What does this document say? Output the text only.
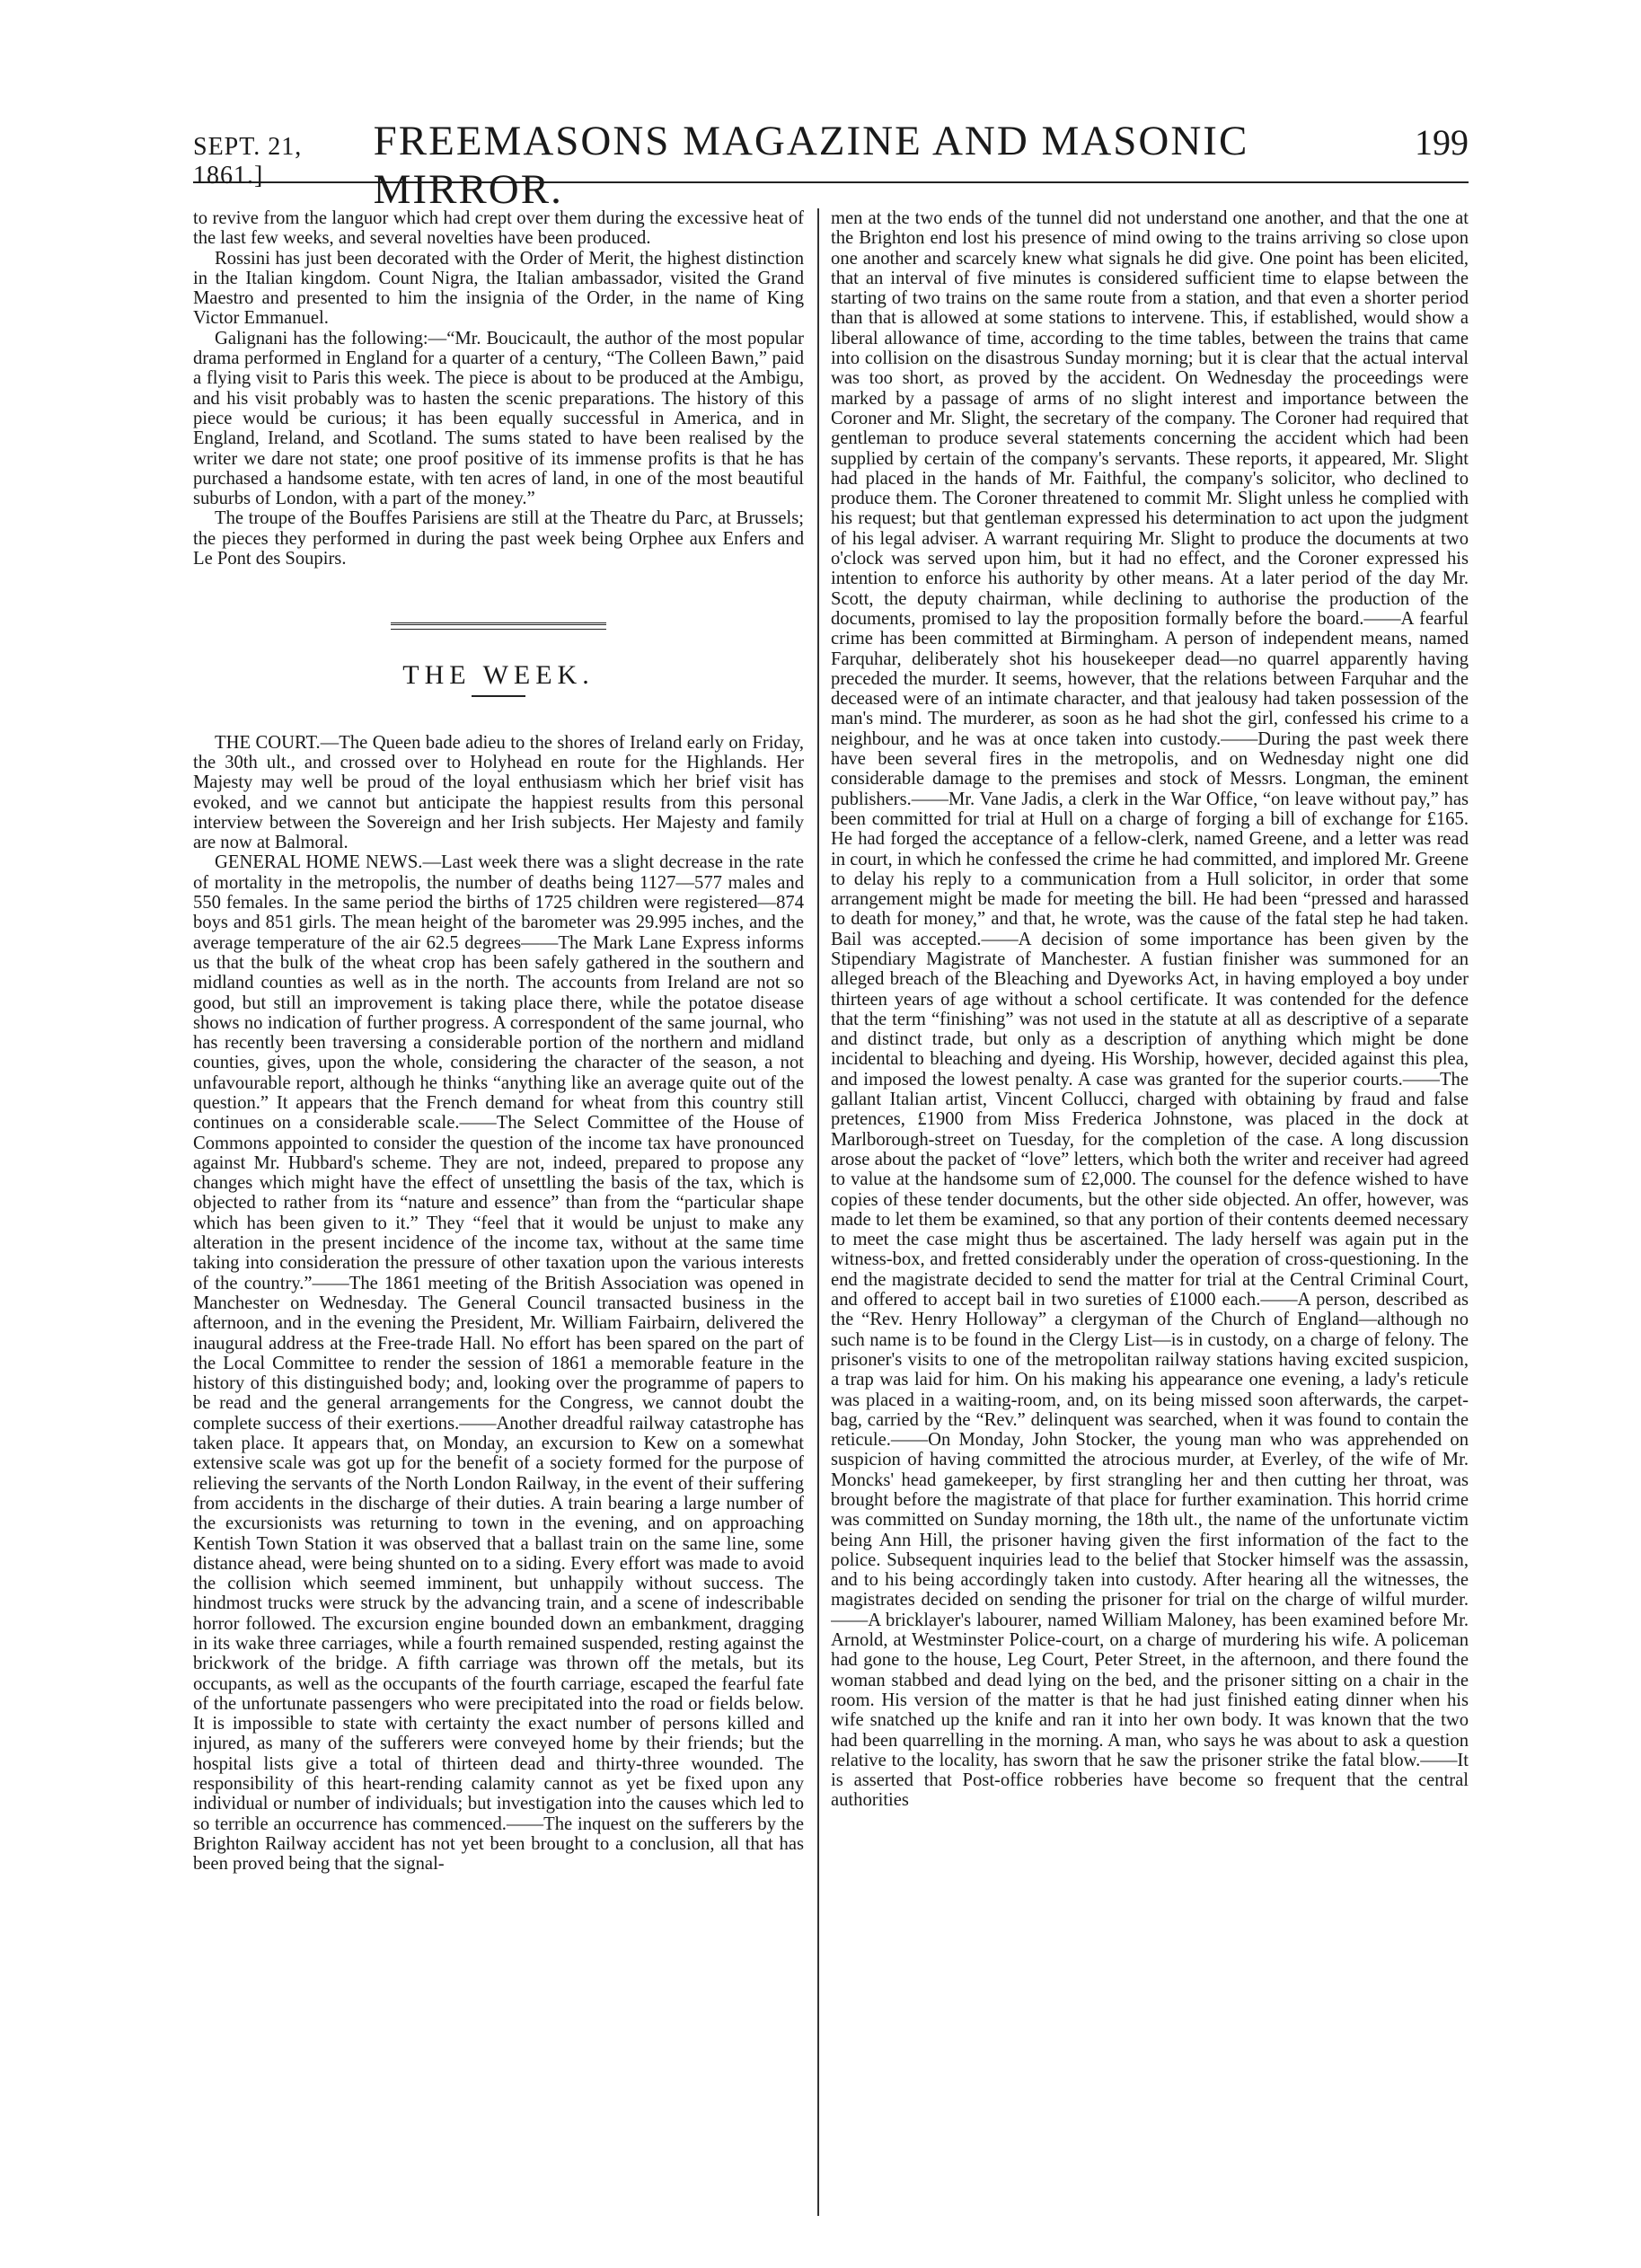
SEPT. 21, 1861.]
FREEMASONS MAGAZINE AND MASONIC MIRROR.
199

to revive from the languor which had crept over them during the excessive heat of the last few weeks, and several novelties have been produced.

Rossini has just been decorated with the Order of Merit, the highest distinction in the Italian kingdom. Count Nigra, the Italian ambassador, visited the Grand Maestro and presented to him the insignia of the Order, in the name of King Victor Emmanuel.

Galignani has the following:—“Mr. Boucicault, the author of the most popular drama performed in England for a quarter of a century, “The Colleen Bawn,” paid a flying visit to Paris this week. The piece is about to be produced at the Ambigu, and his visit probably was to hasten the scenic preparations. The history of this piece would be curious; it has been equally successful in America, and in England, Ireland, and Scotland. The sums stated to have been realised by the writer we dare not state; one proof positive of its immense profits is that he has purchased a handsome estate, with ten acres of land, in one of the most beautiful suburbs of London, with a part of the money.”

The troupe of the Bouffes Parisiens are still at the Theatre du Parc, at Brussels; the pieces they performed in during the past week being Orphee aux Enfers and Le Pont des Soupirs.

THE WEEK.

THE COURT.—The Queen bade adieu to the shores of Ireland early on Friday, the 30th ult., and crossed over to Holyhead en route for the Highlands. Her Majesty may well be proud of the loyal enthusiasm which her brief visit has evoked, and we cannot but anticipate the happiest results from this personal interview between the Sovereign and her Irish subjects. Her Majesty and family are now at Balmoral.

GENERAL HOME NEWS.—Last week there was a slight decrease in the rate of mortality in the metropolis, the number of deaths being 1127—577 males and 550 females. In the same period the births of 1725 children were registered—874 boys and 851 girls. The mean height of the barometer was 29.995 inches, and the average temperature of the air 62.5 degrees——The Mark Lane Express informs us that the bulk of the wheat crop has been safely gathered in the southern and midland counties as well as in the north. The accounts from Ireland are not so good, but still an improvement is taking place there, while the potatoe disease shows no indication of further progress. A correspondent of the same journal, who has recently been traversing a considerable portion of the northern and midland counties, gives, upon the whole, considering the character of the season, a not unfavourable report, although he thinks “anything like an average quite out of the question.” It appears that the French demand for wheat from this country still continues on a considerable scale.——The Select Committee of the House of Commons appointed to consider the question of the income tax have pronounced against Mr. Hubbard's scheme. They are not, indeed, prepared to propose any changes which might have the effect of unsettling the basis of the tax, which is objected to rather from its “nature and essence” than from the “particular shape which has been given to it.” They “feel that it would be unjust to make any alteration in the present incidence of the income tax, without at the same time taking into consideration the pressure of other taxation upon the various interests of the country.”——The 1861 meeting of the British Association was opened in Manchester on Wednesday. The General Council transacted business in the afternoon, and in the evening the President, Mr. William Fairbairn, delivered the inaugural address at the Free-trade Hall. No effort has been spared on the part of the Local Committee to render the session of 1861 a memorable feature in the history of this distinguished body; and, looking over the programme of papers to be read and the general arrangements for the Congress, we cannot doubt the complete success of their exertions.——Another dreadful railway catastrophe has taken place. It appears that, on Monday, an excursion to Kew on a somewhat extensive scale was got up for the benefit of a society formed for the purpose of relieving the servants of the North London Railway, in the event of their suffering from accidents in the discharge of their duties. A train bearing a large number of the excursionists was returning to town in the evening, and on approaching Kentish Town Station it was observed that a ballast train on the same line, some distance ahead, were being shunted on to a siding. Every effort was made to avoid the collision which seemed imminent, but unhappily without success. The hindmost trucks were struck by the advancing train, and a scene of indescribable horror followed. The excursion engine bounded down an embankment, dragging in its wake three carriages, while a fourth remained suspended, resting against the brickwork of the bridge. A fifth carriage was thrown off the metals, but its occupants, as well as the occupants of the fourth carriage, escaped the fearful fate of the unfortunate passengers who were precipitated into the road or fields below. It is impossible to state with certainty the exact number of persons killed and injured, as many of the sufferers were conveyed home by their friends; but the hospital lists give a total of thirteen dead and thirty-three wounded. The responsibility of this heart-rending calamity cannot as yet be fixed upon any individual or number of individuals; but investigation into the causes which led to so terrible an occurrence has commenced.——The inquest on the sufferers by the Brighton Railway accident has not yet been brought to a conclusion, all that has been proved being that the signal-

men at the two ends of the tunnel did not understand one another, and that the one at the Brighton end lost his presence of mind owing to the trains arriving so close upon one another and scarcely knew what signals he did give. One point has been elicited, that an interval of five minutes is considered sufficient time to elapse between the starting of two trains on the same route from a station, and that even a shorter period than that is allowed at some stations to intervene. This, if established, would show a liberal allowance of time, according to the time tables, between the trains that came into collision on the disastrous Sunday morning; but it is clear that the actual interval was too short, as proved by the accident. On Wednesday the proceedings were marked by a passage of arms of no slight interest and importance between the Coroner and Mr. Slight, the secretary of the company. The Coroner had required that gentleman to produce several statements concerning the accident which had been supplied by certain of the company's servants. These reports, it appeared, Mr. Slight had placed in the hands of Mr. Faithful, the company's solicitor, who declined to produce them. The Coroner threatened to commit Mr. Slight unless he complied with his request; but that gentleman expressed his determination to act upon the judgment of his legal adviser. A warrant requiring Mr. Slight to produce the documents at two o'clock was served upon him, but it had no effect, and the Coroner expressed his intention to enforce his authority by other means. At a later period of the day Mr. Scott, the deputy chairman, while declining to authorise the production of the documents, promised to lay the proposition formally before the board.——A fearful crime has been committed at Birmingham. A person of independent means, named Farquhar, deliberately shot his housekeeper dead—no quarrel apparently having preceded the murder. It seems, however, that the relations between Farquhar and the deceased were of an intimate character, and that jealousy had taken possession of the man's mind. The murderer, as soon as he had shot the girl, confessed his crime to a neighbour, and he was at once taken into custody.——During the past week there have been several fires in the metropolis, and on Wednesday night one did considerable damage to the premises and stock of Messrs. Longman, the eminent publishers.——Mr. Vane Jadis, a clerk in the War Office, “on leave without pay,” has been committed for trial at Hull on a charge of forging a bill of exchange for £165. He had forged the acceptance of a fellow-clerk, named Greene, and a letter was read in court, in which he confessed the crime he had committed, and implored Mr. Greene to delay his reply to a communication from a Hull solicitor, in order that some arrangement might be made for meeting the bill. He had been “pressed and harassed to death for money,” and that, he wrote, was the cause of the fatal step he had taken. Bail was accepted.——A decision of some importance has been given by the Stipendiary Magistrate of Manchester. A fustian finisher was summoned for an alleged breach of the Bleaching and Dyeworks Act, in having employed a boy under thirteen years of age without a school certificate. It was contended for the defence that the term “finishing” was not used in the statute at all as descriptive of a separate and distinct trade, but only as a description of anything which might be done incidental to bleaching and dyeing. His Worship, however, decided against this plea, and imposed the lowest penalty. A case was granted for the superior courts.——The gallant Italian artist, Vincent Collucci, charged with obtaining by fraud and false pretences, £1900 from Miss Frederica Johnstone, was placed in the dock at Marlborough-street on Tuesday, for the completion of the case. A long discussion arose about the packet of “love” letters, which both the writer and receiver had agreed to value at the handsome sum of £2,000. The counsel for the defence wished to have copies of these tender documents, but the other side objected. An offer, however, was made to let them be examined, so that any portion of their contents deemed necessary to meet the case might thus be ascertained. The lady herself was again put in the witness-box, and fretted considerably under the operation of cross-questioning. In the end the magistrate decided to send the matter for trial at the Central Criminal Court, and offered to accept bail in two sureties of £1000 each.——A person, described as the “Rev. Henry Holloway” a clergyman of the Church of England—although no such name is to be found in the Clergy List—is in custody, on a charge of felony. The prisoner's visits to one of the metropolitan railway stations having excited suspicion, a trap was laid for him. On his making his appearance one evening, a lady's reticule was placed in a waiting-room, and, on its being missed soon afterwards, the carpet-bag, carried by the “Rev.” delinquent was searched, when it was found to contain the reticule.——On Monday, John Stocker, the young man who was apprehended on suspicion of having committed the atrocious murder, at Everley, of the wife of Mr. Moncks' head gamekeeper, by first strangling her and then cutting her throat, was brought before the magistrate of that place for further examination. This horrid crime was committed on Sunday morning, the 18th ult., the name of the unfortunate victim being Ann Hill, the prisoner having given the first information of the fact to the police. Subsequent inquiries lead to the belief that Stocker himself was the assassin, and to his being accordingly taken into custody. After hearing all the witnesses, the magistrates decided on sending the prisoner for trial on the charge of wilful murder.——A bricklayer's labourer, named William Maloney, has been examined before Mr. Arnold, at Westminster Police-court, on a charge of murdering his wife. A policeman had gone to the house, Leg Court, Peter Street, in the afternoon, and there found the woman stabbed and dead lying on the bed, and the prisoner sitting on a chair in the room. His version of the matter is that he had just finished eating dinner when his wife snatched up the knife and ran it into her own body. It was known that the two had been quarrelling in the morning. A man, who says he was about to ask a question relative to the locality, has sworn that he saw the prisoner strike the fatal blow.——It is asserted that Post-office robberies have become so frequent that the central authorities
